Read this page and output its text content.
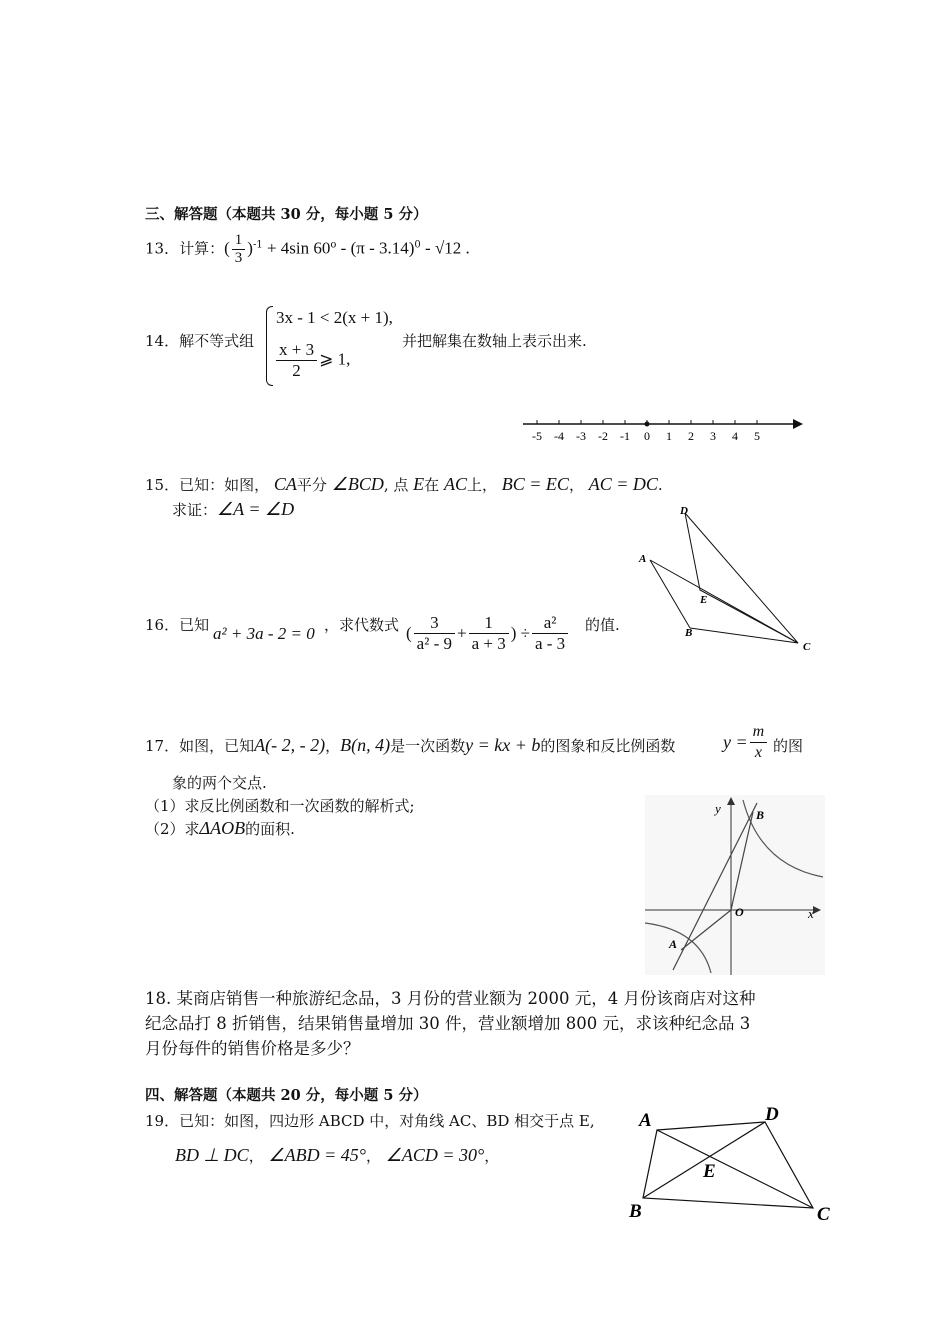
三、解答题（本题共 30 分，每小题 5 分）
13．计算：( $\frac{1}{3} )^{-1} + 4\sin$ 60$^o$ - (π - 3.14)$^0$ - √12 .
14．解不等式组
3x - 1 < 2(x + 1),
$\frac{x + 3}{2}$ ⩾ 1,
并把解集在数轴上表示出来.
-5 -4 -3 -2 -1 0 1 2 3 4 5
15．已知：如图， CA平分 ∠BCD, 点 E在 AC上， BC = EC， AC = DC.
求证：∠A = ∠D	D
A
E
B
C
16．已知 a² + 3a - 2 = 0 ，求代数式 ( $\frac{3}{\text{a² - 9}} + \frac{1}{a + 3}$ ) ÷ $\frac{\text{a²}}{a - 3}$ 的值.
17．如图，已知A(- 2, - 2)，B(n, 4)是一次函数y = kx + b的图象和反比例函数	$y = \frac{m}{x}$ 的图
象的两个交点.
（1）求反比例函数和一次函数的解析式;
（2）求ΔAOB的面积.
y
x
O
B
A
18. 某商店销售一种旅游纪念品，3 月份的营业额为 2000 元，4 月份该商店对这种
纪念品打 8 折销售，结果销售量增加 30 件，营业额增加 800 元，求该种纪念品 3
月份每件的销售价格是多少？
四、解答题（本题共 20 分，每小题 5 分）
19．已知：如图，四边形 ABCD 中，对角线 AC、BD 相交于点 E,
BD ⊥ DC， ∠ABD = 45°， ∠ACD = 30°，
A	D
E
B	C
